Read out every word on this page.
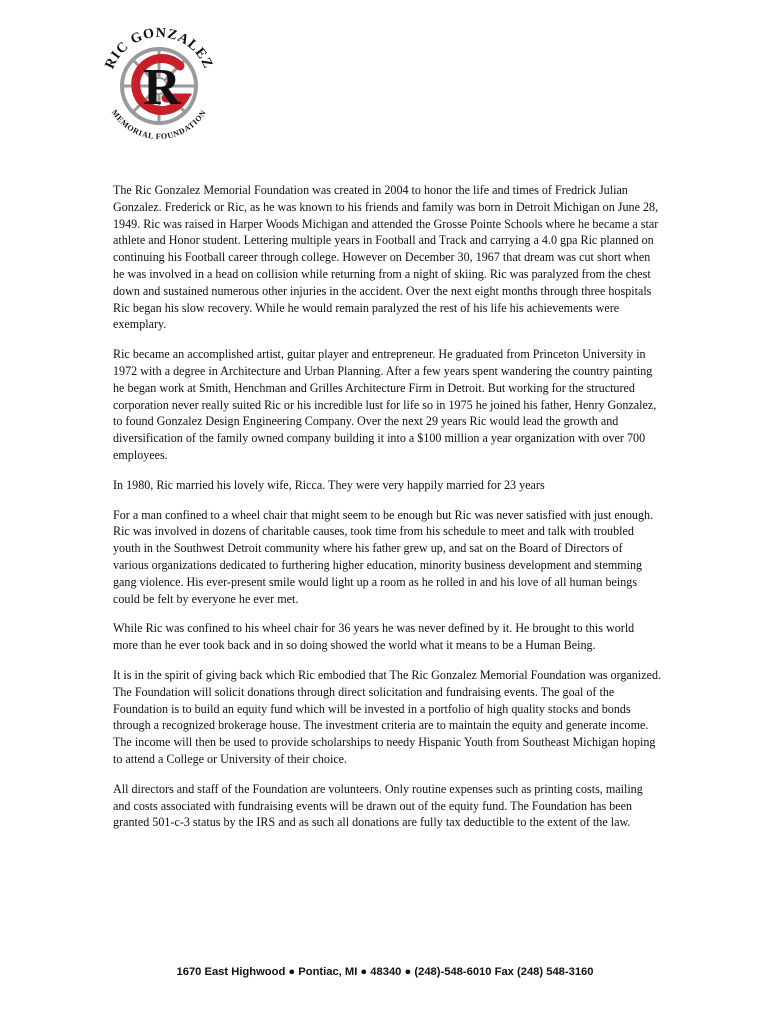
R
RIC GONZALEZ
MEMORIAL FOUNDATION

The Ric Gonzalez Memorial Foundation was created in 2004 to honor the life and times of Fredrick Julian Gonzalez. Frederick or Ric, as he was known to his friends and family was born in Detroit Michigan on June 28, 1949. Ric was raised in Harper Woods Michigan and attended the Grosse Pointe Schools where he became a star athlete and Honor student. Lettering multiple years in Football and Track and carrying a 4.0 gpa Ric planned on continuing his Football career through college. However on December 30, 1967 that dream was cut short when he was involved in a head on collision while returning from a night of skiing. Ric was paralyzed from the chest down and sustained numerous other injuries in the accident. Over the next eight months through three hospitals Ric began his slow recovery. While he would remain paralyzed the rest of his life his achievements were exemplary.

Ric became an accomplished artist, guitar player and entrepreneur. He graduated from Princeton University in 1972 with a degree in Architecture and Urban Planning. After a few years spent wandering the country painting he began work at Smith, Henchman and Grilles Architecture Firm in Detroit. But working for the structured corporation never really suited Ric or his incredible lust for life so in 1975 he joined his father, Henry Gonzalez, to found Gonzalez Design Engineering Company. Over the next 29 years Ric would lead the growth and diversification of the family owned company building it into a $100 million a year organization with over 700 employees.

In 1980, Ric married his lovely wife, Ricca. They were very happily married for 23 years

For a man confined to a wheel chair that might seem to be enough but Ric was never satisfied with just enough. Ric was involved in dozens of charitable causes, took time from his schedule to meet and talk with troubled youth in the Southwest Detroit community where his father grew up, and sat on the Board of Directors of various organizations dedicated to furthering higher education, minority business development and stemming gang violence. His ever-present smile would light up a room as he rolled in and his love of all human beings could be felt by everyone he ever met.

While Ric was confined to his wheel chair for 36 years he was never defined by it. He brought to this world more than he ever took back and in so doing showed the world what it means to be a Human Being.

It is in the spirit of giving back which Ric embodied that The Ric Gonzalez Memorial Foundation was organized. The Foundation will solicit donations through direct solicitation and fundraising events. The goal of the Foundation is to build an equity fund which will be invested in a portfolio of high quality stocks and bonds through a recognized brokerage house. The investment criteria are to maintain the equity and generate income. The income will then be used to provide scholarships to needy Hispanic Youth from Southeast Michigan hoping to attend a College or University of their choice.

All directors and staff of the Foundation are volunteers. Only routine expenses such as printing costs, mailing and costs associated with fundraising events will be drawn out of the equity fund. The Foundation has been granted 501-c-3 status by the IRS and as such all donations are fully tax deductible to the extent of the law.

1670 East Highwood ● Pontiac, MI ● 48340 ● (248)-548-6010 Fax (248) 548-3160
